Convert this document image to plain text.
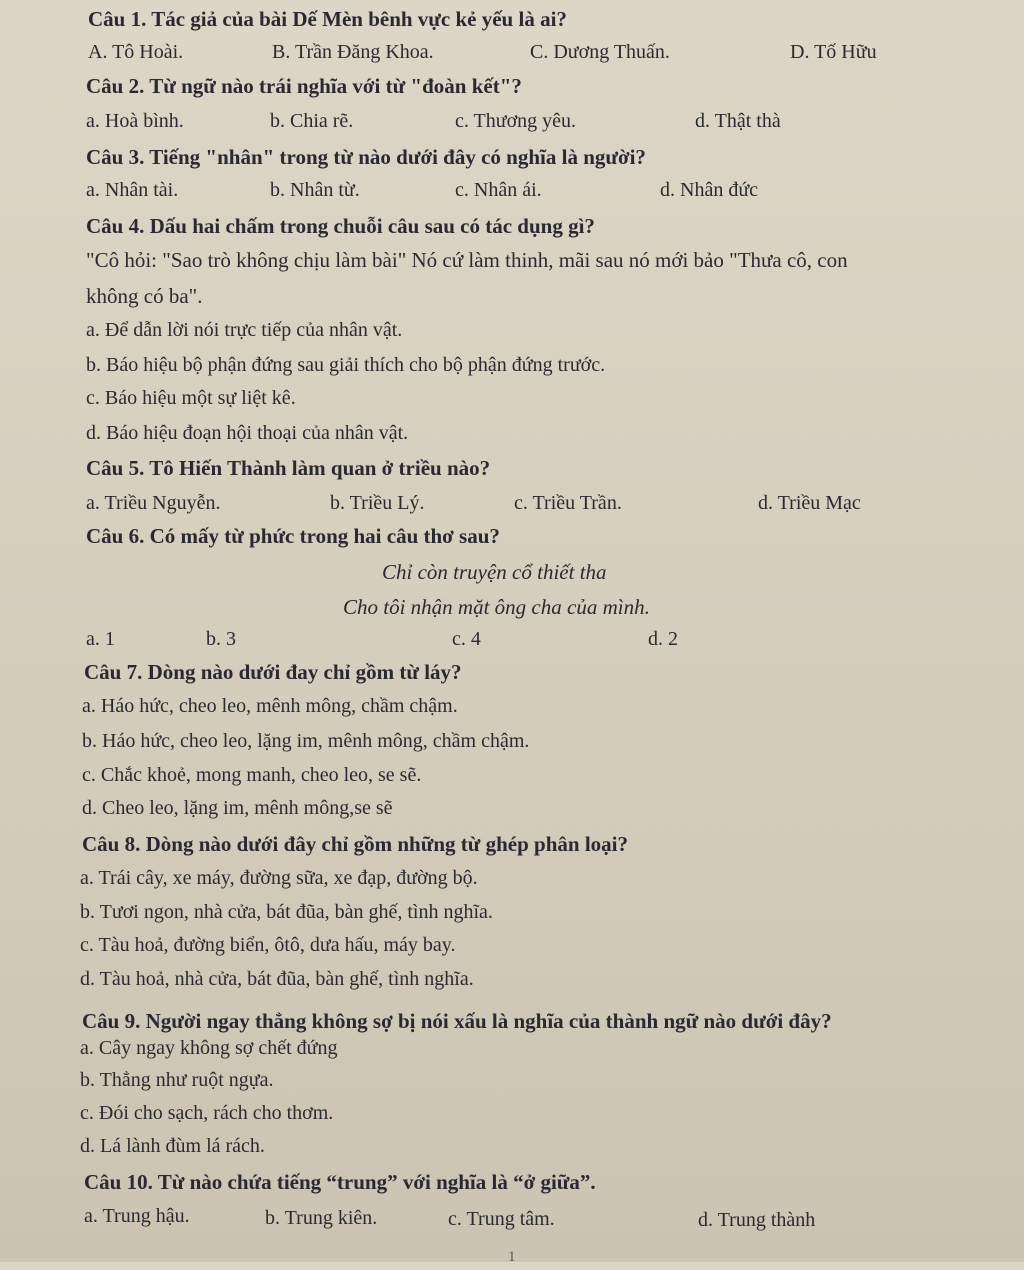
Câu 1. Tác giả của bài Dế Mèn bênh vực kẻ yếu là ai?
A. Tô Hoài.	B. Trần Đăng Khoa.	C. Dương Thuấn.	D. Tố Hữu
Câu 2. Từ ngữ nào trái nghĩa với từ "đoàn kết"?
a. Hoà bình.	b. Chia rẽ.	c. Thương yêu.	d. Thật thà
Câu 3. Tiếng "nhân" trong từ nào dưới đây có nghĩa là người?
a. Nhân tài.	b. Nhân từ.	c. Nhân ái.	d. Nhân đức
Câu 4. Dấu hai chấm trong chuỗi câu sau có tác dụng gì?
"Cô hỏi: "Sao trò không chịu làm bài" Nó cứ làm thinh, mãi sau nó mới bảo "Thưa cô, con
không có ba".
a. Để dẫn lời nói trực tiếp của nhân vật.
b. Báo hiệu bộ phận đứng sau giải thích cho bộ phận đứng trước.
c. Báo hiệu một sự liệt kê.
d. Báo hiệu đoạn hội thoại của nhân vật.
Câu 5. Tô Hiến Thành làm quan ở triều nào?
a. Triều Nguyễn.	b. Triều Lý.	c. Triều Trần.	d. Triều Mạc
Câu 6. Có mấy từ phức trong hai câu thơ sau?
Chỉ còn truyện cổ thiết tha
Cho tôi nhận mặt ông cha của mình.
a. 1	b. 3	c. 4	d. 2
Câu 7. Dòng nào dưới đay chỉ gồm từ láy?
a. Háo hức, cheo leo, mênh mông, chầm chậm.
b. Háo hức, cheo leo, lặng im, mênh mông, chầm chậm.
c. Chắc khoẻ, mong manh, cheo leo, se sẽ.
d. Cheo leo, lặng im, mênh mông,se sẽ
Câu 8. Dòng nào dưới đây chỉ gồm những từ ghép phân loại?
a. Trái cây, xe máy, đường sữa, xe đạp, đường bộ.
b. Tươi ngon, nhà cửa, bát đũa, bàn ghế, tình nghĩa.
c. Tàu hoả, đường biển, ôtô, dưa hấu, máy bay.
d. Tàu hoả, nhà cửa, bát đũa, bàn ghế, tình nghĩa.
Câu 9. Người ngay thẳng không sợ bị nói xấu là nghĩa của thành ngữ nào dưới đây?
a. Cây ngay không sợ chết đứng
b. Thẳng như ruột ngựa.
c. Đói cho sạch, rách cho thơm.
d. Lá lành đùm lá rách.
Câu 10. Từ nào chứa tiếng “trung” với nghĩa là “ở giữa”.
a. Trung hậu.	b. Trung kiên.	c. Trung tâm.	d. Trung thành
1
